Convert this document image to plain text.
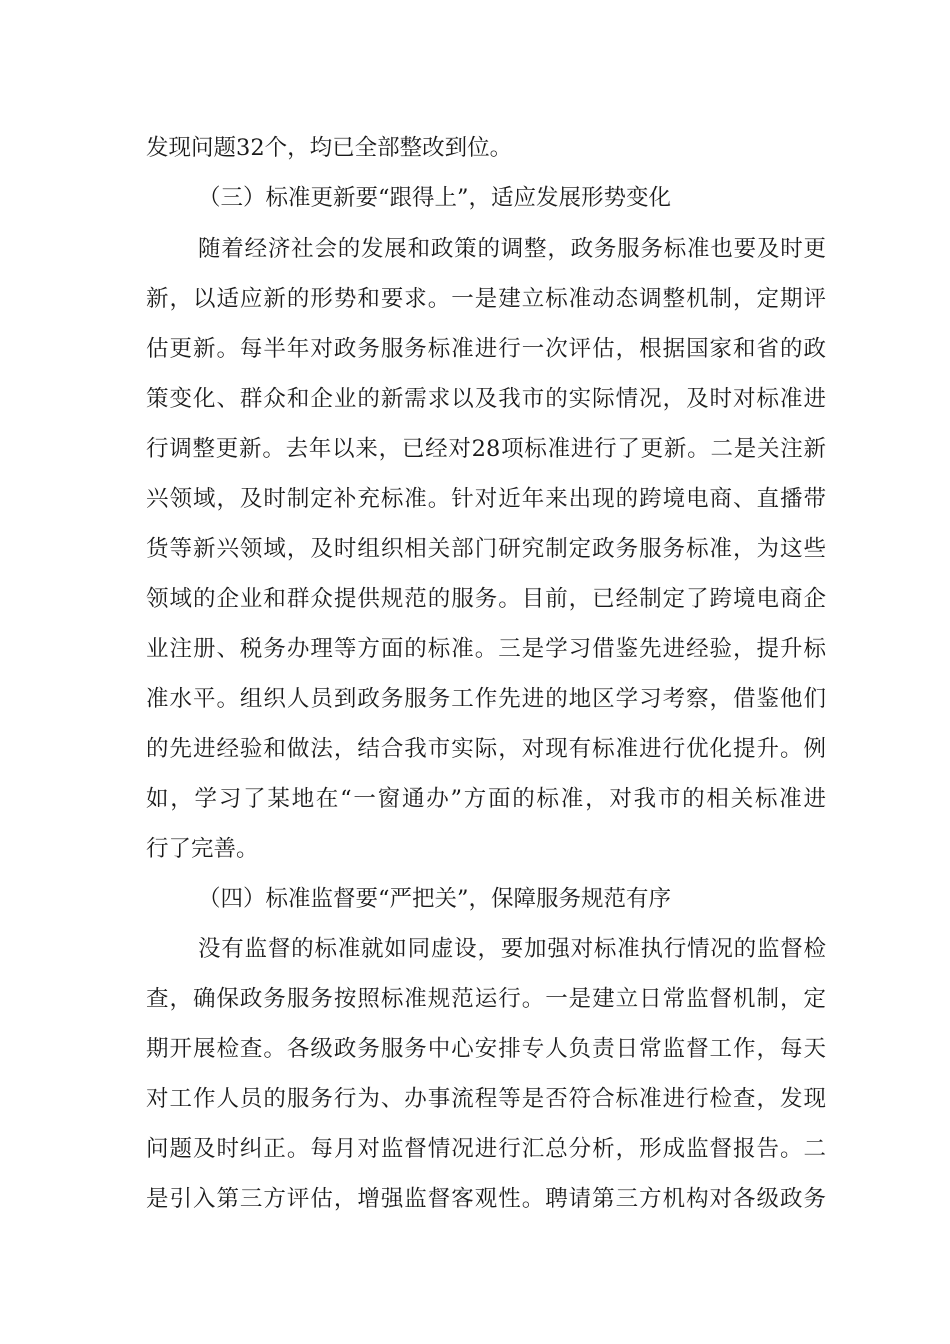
发现问题32个，均已全部整改到位。
（三）标准更新要“跟得上”，适应发展形势变化
随着经济社会的发展和政策的调整，政务服务标准也要及时更
新，以适应新的形势和要求。一是建立标准动态调整机制，定期评
估更新。每半年对政务服务标准进行一次评估，根据国家和省的政
策变化、群众和企业的新需求以及我市的实际情况，及时对标准进
行调整更新。去年以来，已经对28项标准进行了更新。二是关注新
兴领域，及时制定补充标准。针对近年来出现的跨境电商、直播带
货等新兴领域，及时组织相关部门研究制定政务服务标准，为这些
领域的企业和群众提供规范的服务。目前，已经制定了跨境电商企
业注册、税务办理等方面的标准。三是学习借鉴先进经验，提升标
准水平。组织人员到政务服务工作先进的地区学习考察，借鉴他们
的先进经验和做法，结合我市实际，对现有标准进行优化提升。例
如，学习了某地在“一窗通办”方面的标准，对我市的相关标准进
行了完善。
（四）标准监督要“严把关”，保障服务规范有序
没有监督的标准就如同虚设，要加强对标准执行情况的监督检
查，确保政务服务按照标准规范运行。一是建立日常监督机制，定
期开展检查。各级政务服务中心安排专人负责日常监督工作，每天
对工作人员的服务行为、办事流程等是否符合标准进行检查，发现
问题及时纠正。每月对监督情况进行汇总分析，形成监督报告。二
是引入第三方评估，增强监督客观性。聘请第三方机构对各级政务
